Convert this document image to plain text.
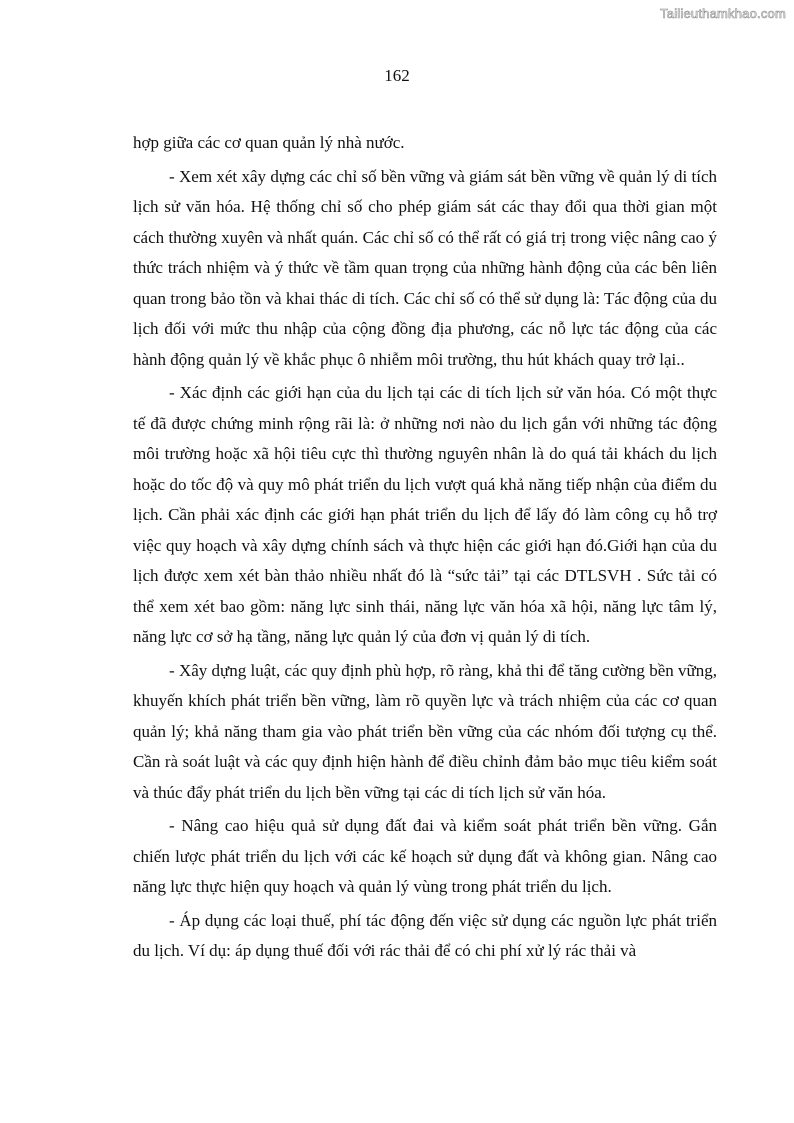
Tailieuthamkhao.com
162

hợp giữa các cơ quan quản lý nhà nước.

- Xem xét xây dựng các chỉ số bền vững và giám sát bền vững về quản lý di tích lịch sử văn hóa. Hệ thống chỉ số cho phép giám sát các thay đổi qua thời gian một cách thường xuyên và nhất quán. Các chỉ số có thể rất có giá trị trong việc nâng cao ý thức trách nhiệm và ý thức về tầm quan trọng của những hành động của các bên liên quan trong bảo tồn và khai thác di tích. Các chỉ số có thể sử dụng là: Tác động của du lịch đối với mức thu nhập của cộng đồng địa phương, các nỗ lực tác động của các hành động quản lý về khắc phục ô nhiễm môi trường, thu hút khách quay trở lại..

- Xác định các giới hạn của du lịch tại các di tích lịch sử văn hóa. Có một thực tế đã được chứng minh rộng rãi là: ở những nơi nào du lịch gắn với những tác động môi trường hoặc xã hội tiêu cực thì thường nguyên nhân là do quá tải khách du lịch hoặc do tốc độ và quy mô phát triển du lịch vượt quá khả năng tiếp nhận của điểm du lịch. Cần phải xác định các giới hạn phát triển du lịch để lấy đó làm công cụ hỗ trợ việc quy hoạch và xây dựng chính sách và thực hiện các giới hạn đó.Giới hạn của du lịch được xem xét bàn thảo nhiều nhất đó là “sức tải” tại các DTLSVH . Sức tải có thể xem xét bao gồm: năng lực sinh thái, năng lực văn hóa xã hội, năng lực tâm lý, năng lực cơ sở hạ tầng, năng lực quản lý của đơn vị quản lý di tích.

- Xây dựng luật, các quy định phù hợp, rõ ràng, khả thi để tăng cường bền vững, khuyến khích phát triển bền vững, làm rõ quyền lực và trách nhiệm của các cơ quan quản lý; khả năng tham gia vào phát triển bền vững của các nhóm đối tượng cụ thể. Cần rà soát luật và các quy định hiện hành để điều chỉnh đảm bảo mục tiêu kiểm soát và thúc đẩy phát triển du lịch bền vững tại các di tích lịch sử văn hóa.

- Nâng cao hiệu quả sử dụng đất đai và kiểm soát phát triển bền vững. Gắn chiến lược phát triển du lịch với các kế hoạch sử dụng đất và không gian. Nâng cao năng lực thực hiện quy hoạch và quản lý vùng trong phát triển du lịch.

- Áp dụng các loại thuế, phí tác động đến việc sử dụng các nguồn lực phát triển du lịch. Ví dụ: áp dụng thuế đối với rác thải để có chi phí xử lý rác thải và
